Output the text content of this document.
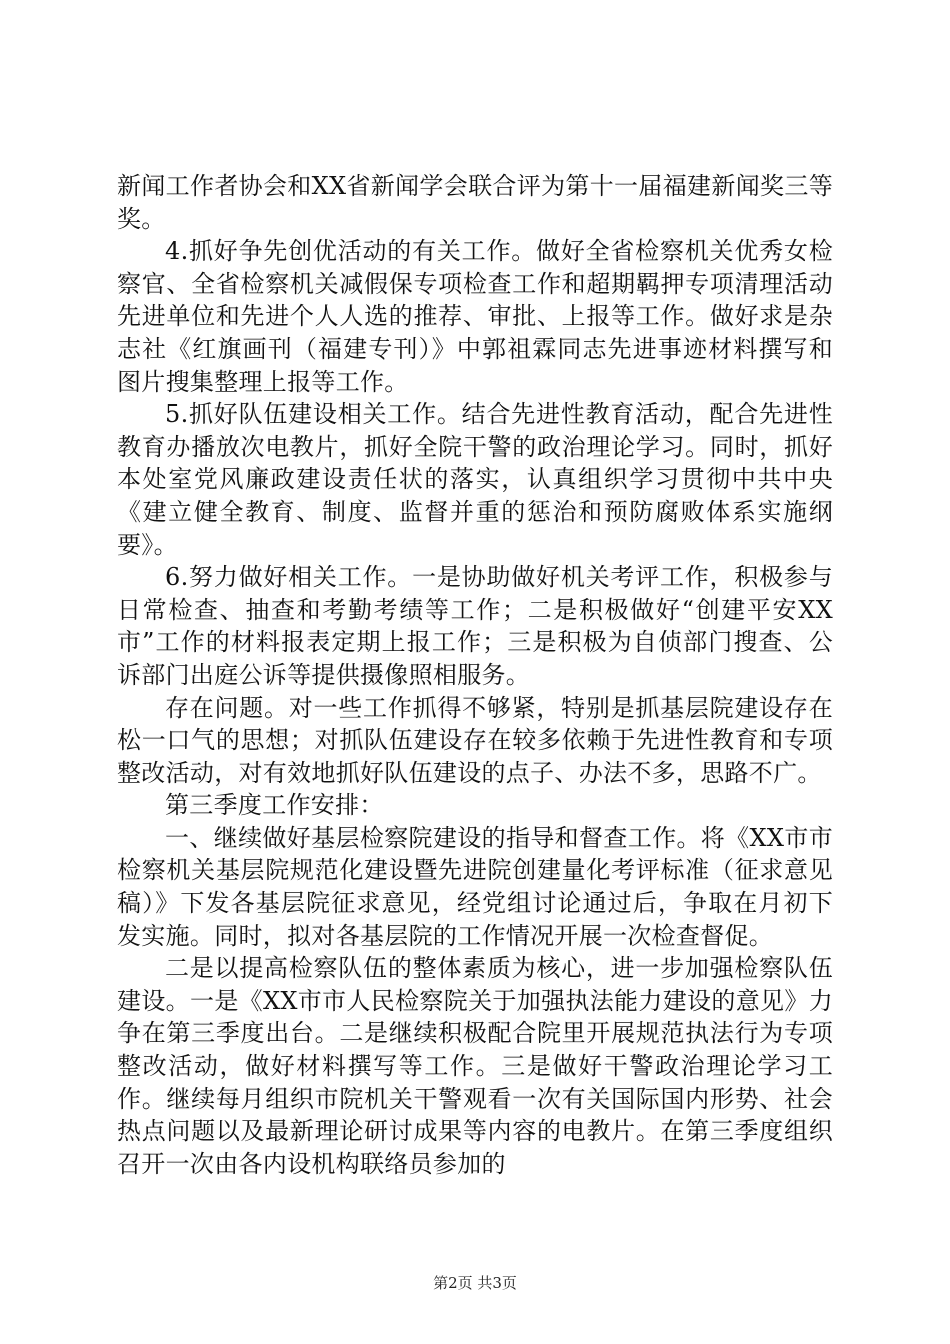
新闻工作者协会和XX省新闻学会联合评为第十一届福建新闻奖三等奖。

4.抓好争先创优活动的有关工作。做好全省检察机关优秀女检察官、全省检察机关减假保专项检查工作和超期羁押专项清理活动先进单位和先进个人人选的推荐、审批、上报等工作。做好求是杂志社《红旗画刊（福建专刊）》中郭祖霖同志先进事迹材料撰写和图片搜集整理上报等工作。

5.抓好队伍建设相关工作。结合先进性教育活动，配合先进性教育办播放次电教片，抓好全院干警的政治理论学习。同时，抓好本处室党风廉政建设责任状的落实，认真组织学习贯彻中共中央《建立健全教育、制度、监督并重的惩治和预防腐败体系实施纲要》。

6.努力做好相关工作。一是协助做好机关考评工作，积极参与日常检查、抽查和考勤考绩等工作；二是积极做好“创建平安XX市”工作的材料报表定期上报工作；三是积极为自侦部门搜查、公诉部门出庭公诉等提供摄像照相服务。

存在问题。对一些工作抓得不够紧，特别是抓基层院建设存在松一口气的思想；对抓队伍建设存在较多依赖于先进性教育和专项整改活动，对有效地抓好队伍建设的点子、办法不多，思路不广。

第三季度工作安排：

一、继续做好基层检察院建设的指导和督查工作。将《XX市市检察机关基层院规范化建设暨先进院创建量化考评标准（征求意见稿）》下发各基层院征求意见，经党组讨论通过后，争取在月初下发实施。同时，拟对各基层院的工作情况开展一次检查督促。

二是以提高检察队伍的整体素质为核心，进一步加强检察队伍建设。一是《XX市市人民检察院关于加强执法能力建设的意见》力争在第三季度出台。二是继续积极配合院里开展规范执法行为专项整改活动，做好材料撰写等工作。三是做好干警政治理论学习工作。继续每月组织市院机关干警观看一次有关国际国内形势、社会热点问题以及最新理论研讨成果等内容的电教片。在第三季度组织召开一次由各内设机构联络员参加的

第2页 共3页
